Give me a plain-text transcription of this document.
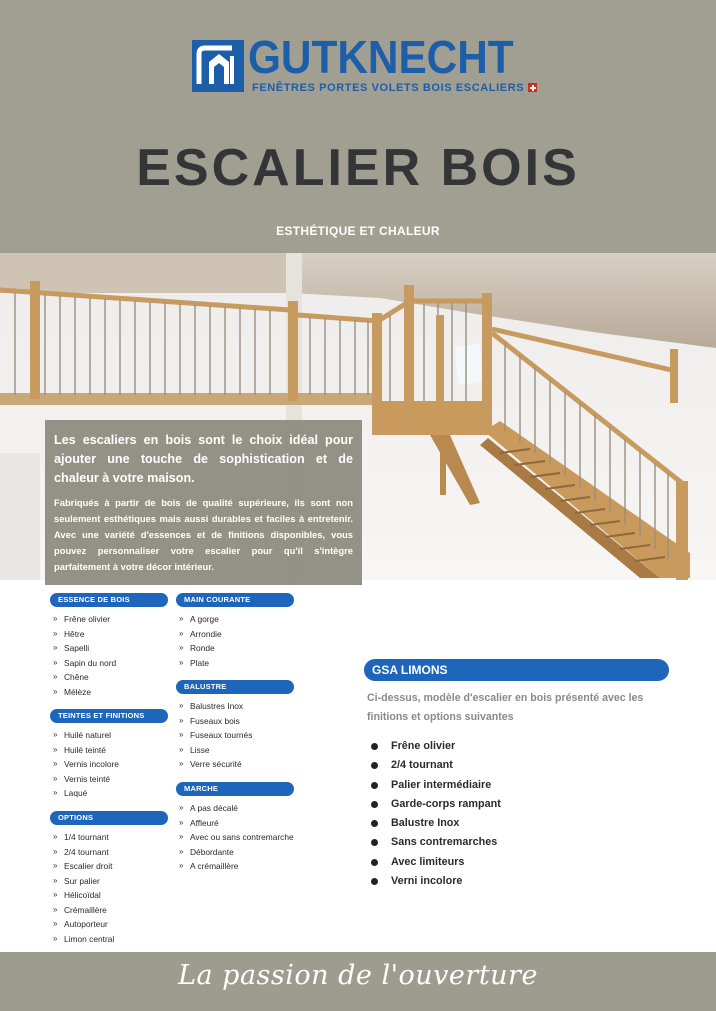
GUTKNECHT
FENÊTRES PORTES VOLETS BOIS ESCALIERS
ESCALIER BOIS
ESTHÉTIQUE ET CHALEUR

Les escaliers en bois sont le choix idéal pour ajouter une touche de sophistication et de chaleur à votre maison.

Fabriqués à partir de bois de qualité supérieure, ils sont non seulement esthétiques mais aussi durables et faciles à entretenir. Avec une variété d'essences et de finitions disponibles, vous pouvez personnaliser votre escalier pour qu'il s'intègre parfaitement à votre décor intérieur.

ESSENCE DE BOIS
» Frêne olivier
» Hêtre
» Sapelli
» Sapin du nord
» Chêne
» Mélèze
TEINTES ET FINITIONS
» Huilé naturel
» Huilé teinté
» Vernis incolore
» Vernis teinté
» Laqué
OPTIONS
» 1/4 tournant
» 2/4 tournant
» Escalier droit
» Sur palier
» Hélicoïdal
» Crémaillère
» Autoporteur
» Limon central
MAIN COURANTE
» A gorge
» Arrondie
» Ronde
» Plate
BALUSTRE
» Balustres Inox
» Fuseaux bois
» Fuseaux tournés
» Lisse
» Verre sécurité
MARCHE
» A pas décalé
» Affleuré
» Avec ou sans contremarche
» Débordante
» A crémaillère
GSA LIMONS

Ci-dessus, modèle d'escalier en bois présenté avec les finitions et options suivantes

Frêne olivier
2/4 tournant
Palier intermédiaire
Garde-corps rampant
Balustre Inox
Sans contremarches
Avec limiteurs
Verni incolore
La passion de l'ouverture
